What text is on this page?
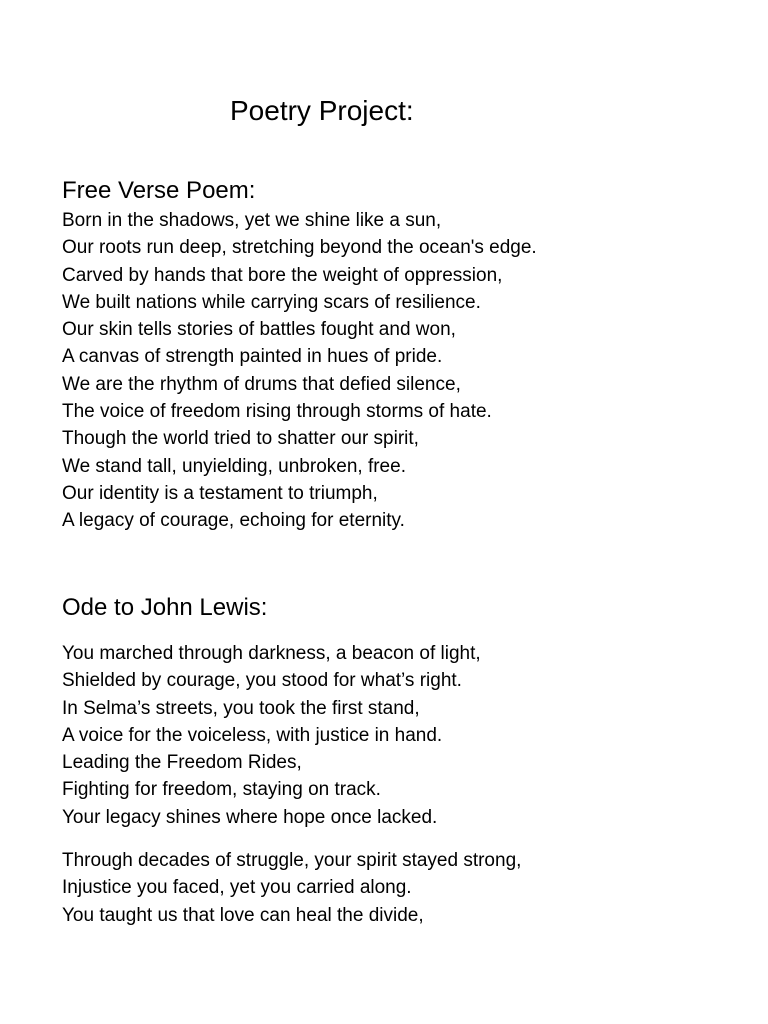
Poetry Project:
Free Verse Poem:
Born in the shadows, yet we shine like a sun,
Our roots run deep, stretching beyond the ocean's edge.
Carved by hands that bore the weight of oppression,
We built nations while carrying scars of resilience.
Our skin tells stories of battles fought and won,
A canvas of strength painted in hues of pride.
We are the rhythm of drums that defied silence,
The voice of freedom rising through storms of hate.
Though the world tried to shatter our spirit,
We stand tall, unyielding, unbroken, free.
Our identity is a testament to triumph,
A legacy of courage, echoing for eternity.
Ode to John Lewis:
You marched through darkness, a beacon of light,
Shielded by courage, you stood for what’s right.
In Selma’s streets, you took the first stand,
A voice for the voiceless, with justice in hand.
Leading the Freedom Rides,
Fighting for freedom, staying on track.
Your legacy shines where hope once lacked.
Through decades of struggle, your spirit stayed strong,
Injustice you faced, yet you carried along.
You taught us that love can heal the divide,
